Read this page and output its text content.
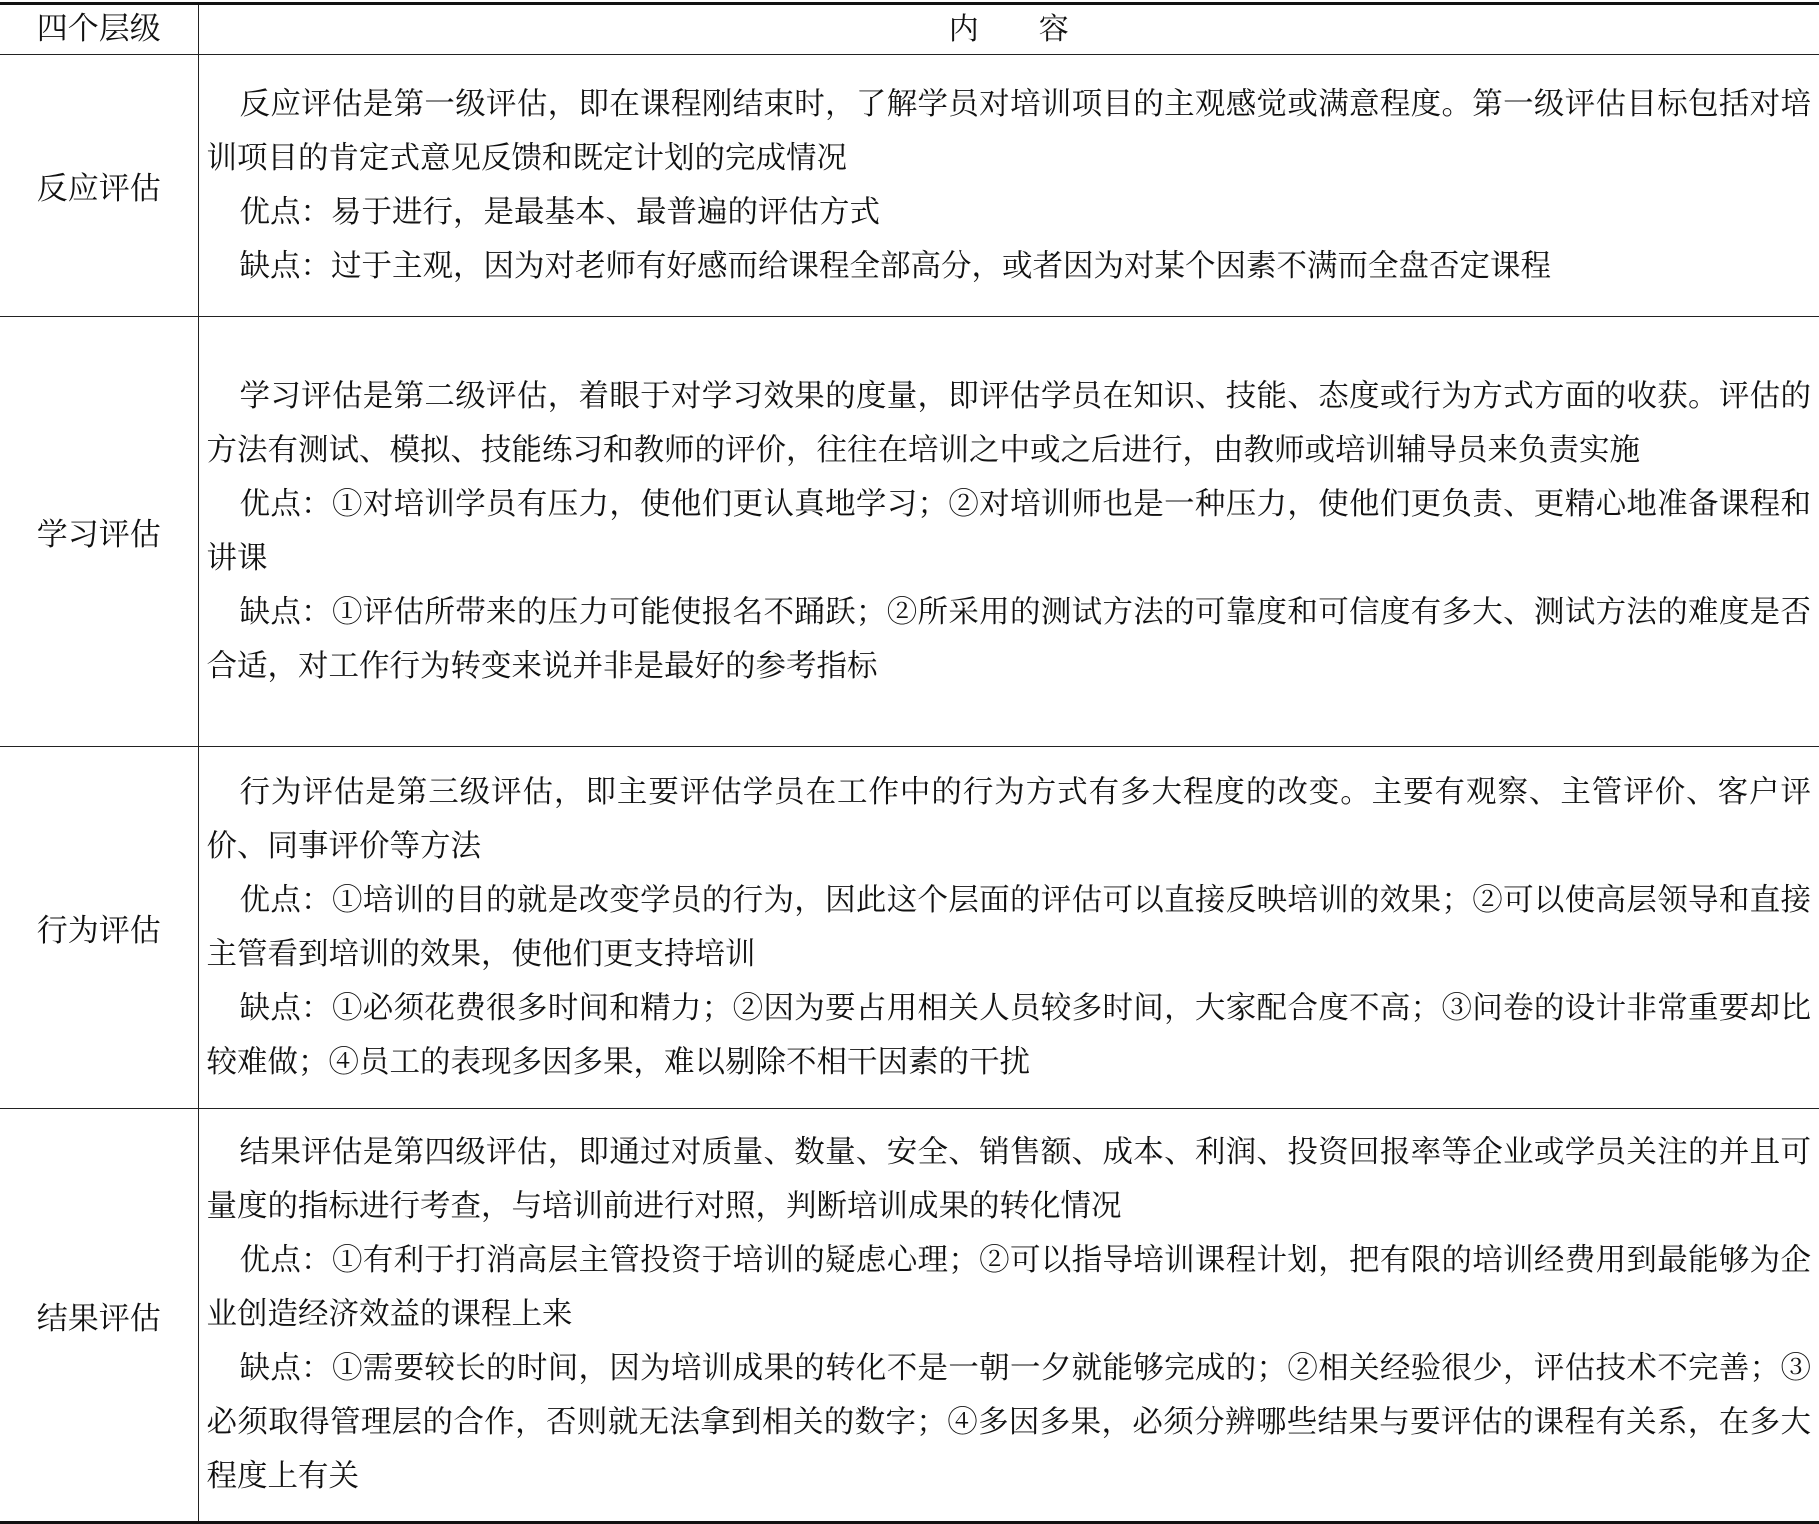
四个层级	内容
反应评估	反应评估是第一级评估，即在课程刚结束时，了解学员对培训项目的主观感觉或满意程度。第一级评估目标包括对培训项目的肯定式意见反馈和既定计划的完成情况

优点：易于进行，是最基本、最普遍的评估方式

缺点：过于主观，因为对老师有好感而给课程全部高分，或者因为对某个因素不满而全盘否定课程

学习评估	学习评估是第二级评估，着眼于对学习效果的度量，即评估学员在知识、技能、态度或行为方式方面的收获。评估的方法有测试、模拟、技能练习和教师的评价，往往在培训之中或之后进行，由教师或培训辅导员来负责实施

优点：①对培训学员有压力，使他们更认真地学习；②对培训师也是一种压力，使他们更负责、更精心地准备课程和讲课

缺点：①评估所带来的压力可能使报名不踊跃；②所采用的测试方法的可靠度和可信度有多大、测试方法的难度是否合适，对工作行为转变来说并非是最好的参考指标

行为评估	行为评估是第三级评估，即主要评估学员在工作中的行为方式有多大程度的改变。主要有观察、主管评价、客户评价、同事评价等方法

优点：①培训的目的就是改变学员的行为，因此这个层面的评估可以直接反映培训的效果；②可以使高层领导和直接主管看到培训的效果，使他们更支持培训

缺点：①必须花费很多时间和精力；②因为要占用相关人员较多时间，大家配合度不高；③问卷的设计非常重要却比较难做；④员工的表现多因多果，难以剔除不相干因素的干扰

结果评估	结果评估是第四级评估，即通过对质量、数量、安全、销售额、成本、利润、投资回报率等企业或学员关注的并且可量度的指标进行考查，与培训前进行对照，判断培训成果的转化情况

优点：①有利于打消高层主管投资于培训的疑虑心理；②可以指导培训课程计划，把有限的培训经费用到最能够为企业创造经济效益的课程上来

缺点：①需要较长的时间，因为培训成果的转化不是一朝一夕就能够完成的；②相关经验很少，评估技术不完善；③必须取得管理层的合作，否则就无法拿到相关的数字；④多因多果，必须分辨哪些结果与要评估的课程有关系，在多大程度上有关
